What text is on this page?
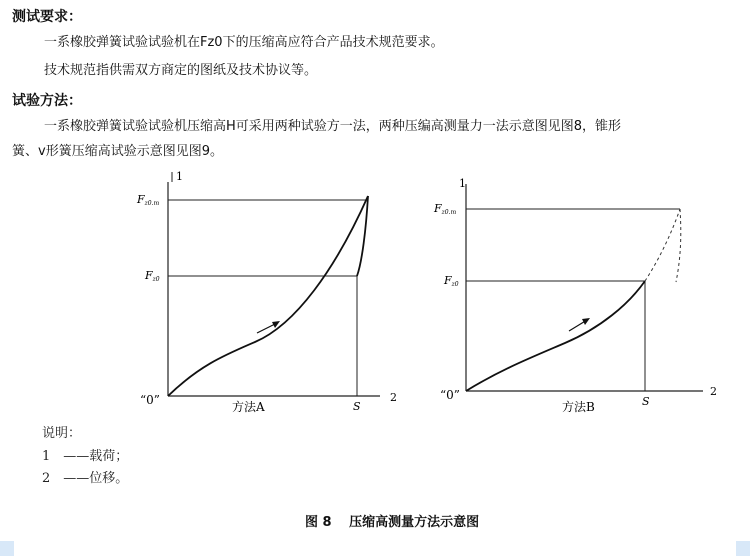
测试要求：
一系橡胶弹簧试验试验机在Fz0下的压缩高应符合产品技术规范要求。
技术规范指供需双方商定的图纸及技术协议等。
试验方法：
一系橡胶弹簧试验试验机压缩高H可采用两种试验方一法，两种压编高测量力一法示意图见图8，锥形
簧、v形簧压缩高试验示意图见图9。
1
2
Fz0.m
Fz0
“0”	S
方法A
1
2
Fz0.m
Fz0
“0”	S
方法B
说明：
1　——载荷；
2　——位移。
图 8　 压缩高测量方法示意图
